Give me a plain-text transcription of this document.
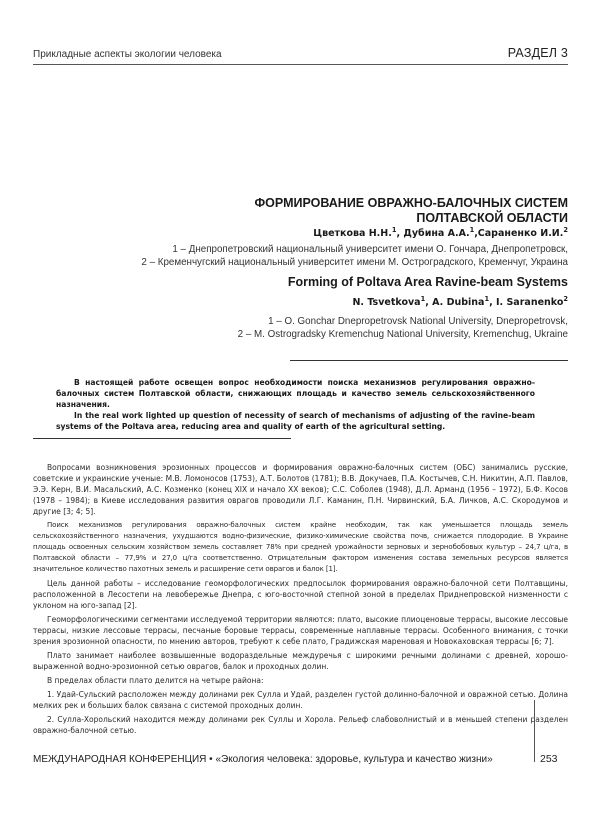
Прикладные аспекты экологии человека	РАЗДЕЛ 3
ФОРМИРОВАНИЕ ОВРАЖНО-БАЛОЧНЫХ СИСТЕМ
ПОЛТАВСКОЙ ОБЛАСТИ
Цветкова Н.Н.$^1$, Дубина А.А.$^1$,Сараненко И.И.$^2$
1 – Днепропетровский национальный университет имени О. Гончара, Днепропетровск,
2 – Кременчугский национальный университет имени М. Остроградского, Кременчуг, Украина
Forming of Poltava Area Ravine-beam Systems
N. Tsvetkova$^1$, A. Dubina$^1$, I. Saranenko$^2$
1 – O. Gonchar Dnepropetrovsk National University, Dnepropetrovsk,
2 – M. Ostrogradsky Kremenchug National University, Kremenchug, Ukraine

В настоящей работе освещен вопрос необходимости поиска механизмов регулирования овражно-балочных систем Полтавской области, снижающих площадь и качество земель сельскохозяйственного назначения.

In the real work lighted up question of necessity of search of mechanisms of adjusting of the ravine-beam systems of the Poltava area, reducing area and quality of earth of the agricultural setting.

Вопросами возникновения эрозионных процессов и формирования овражно-балочных систем (ОБС) занимались русские, советские и украинские ученые: М.В. Ломоносов (1753), А.Т. Болотов (1781); В.В. Докучаев, П.А. Костычев, С.Н. Никитин, А.П. Павлов, Э.Э. Керн, В.И. Масальский, А.С. Козменко (конец XIX и начало XX веков); С.С. Соболев (1948), Д.Л. Арманд (1956 – 1972), Б.Ф. Косов (1978 – 1984); в Киеве исследования развития оврагов проводили Л.Г. Каманин, П.Н. Чирвинский, Б.А. Личков, А.С. Скородумов и другие [3; 4; 5].

Поиск механизмов регулирования овражно-балочных систем крайне необходим, так как уменьшается площадь земель сельскохозяйственного назначения, ухудшаются водно-физические, физико-химические свойства почв, снижается плодородие. В Украине площадь освоенных сельским хозяйством земель составляет 78% при средней урожайности зерновых и зернобобовых культур – 24,7 ц/га, в Полтавской области – 77,9% и 27,0 ц/га соответственно. Отрицательным фактором изменения состава земельных ресурсов является значительное количество пахотных земель и расширение сети оврагов и балок [1].

Цель данной работы – исследование геоморфологических предпосылок формирования овражно-балочной сети Полтавщины, расположенной в Лесостепи на левобережье Днепра, с юго-восточной степной зоной в пределах Приднепровской низменности с уклоном на юго-запад [2].

Геоморфологическими сегментами исследуемой территории являются: плато, высокие плиоценовые террасы, высокие лессовые террасы, низкие лессовые террасы, песчаные боровые террасы, современные наплавные террасы. Особенного внимания, с точки зрения эрозионной опасности, по мнению авторов, требуют к себе плато, Градижская мареновая и Новокаховская террасы [6; 7].

Плато занимает наиболее возвышенные водораздельные междуречья с широкими речными долинами с древней, хорошо-выраженной водно-эрозионной сетью оврагов, балок и проходных долин.

В пределах области плато делится на четыре района:

1. Удай-Сульский расположен между долинами рек Сулла и Удай, разделен густой долинно-балочной и овражной сетью. Долина мелких рек и больших балок связана с системой проходных долин.

2. Сулла-Хорольский находится между долинами рек Суллы и Хорола. Рельеф слабоволнистый и в меньшей степени разделен овражно-балочной сетью.

МЕЖДУНАРОДНАЯ КОНФЕРЕНЦИЯ • «Экология человека: здоровье, культура и качество жизни»	253
